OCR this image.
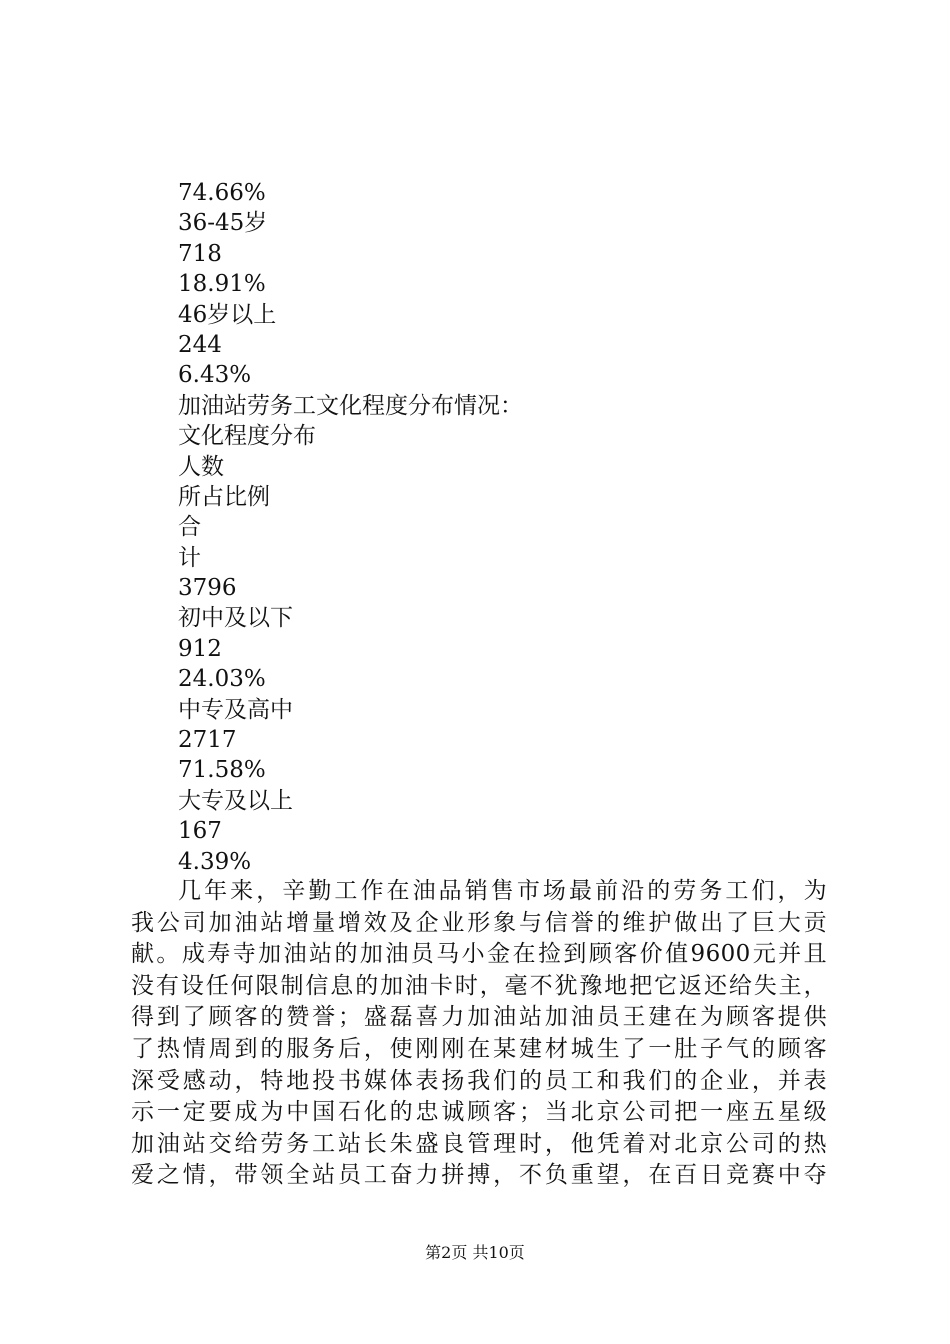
74.66%
36-45岁
718
18.91%
46岁以上
244
6.43%
加油站劳务工文化程度分布情况：
文化程度分布
人数
所占比例
合
计
3796
初中及以下
912
24.03%
中专及高中
2717
71.58%
大专及以上
167
4.39%
几年来，辛勤工作在油品销售市场最前沿的劳务工们，为
我公司加油站增量增效及企业形象与信誉的维护做出了巨大贡
献。成寿寺加油站的加油员马小金在捡到顾客价值9600元并且
没有设任何限制信息的加油卡时，毫不犹豫地把它返还给失主，
得到了顾客的赞誉；盛磊喜力加油站加油员王建在为顾客提供
了热情周到的服务后，使刚刚在某建材城生了一肚子气的顾客
深受感动，特地投书媒体表扬我们的员工和我们的企业，并表
示一定要成为中国石化的忠诚顾客；当北京公司把一座五星级
加油站交给劳务工站长朱盛良管理时，他凭着对北京公司的热
爱之情，带领全站员工奋力拼搏，不负重望，在百日竞赛中夺
第2页 共10页
